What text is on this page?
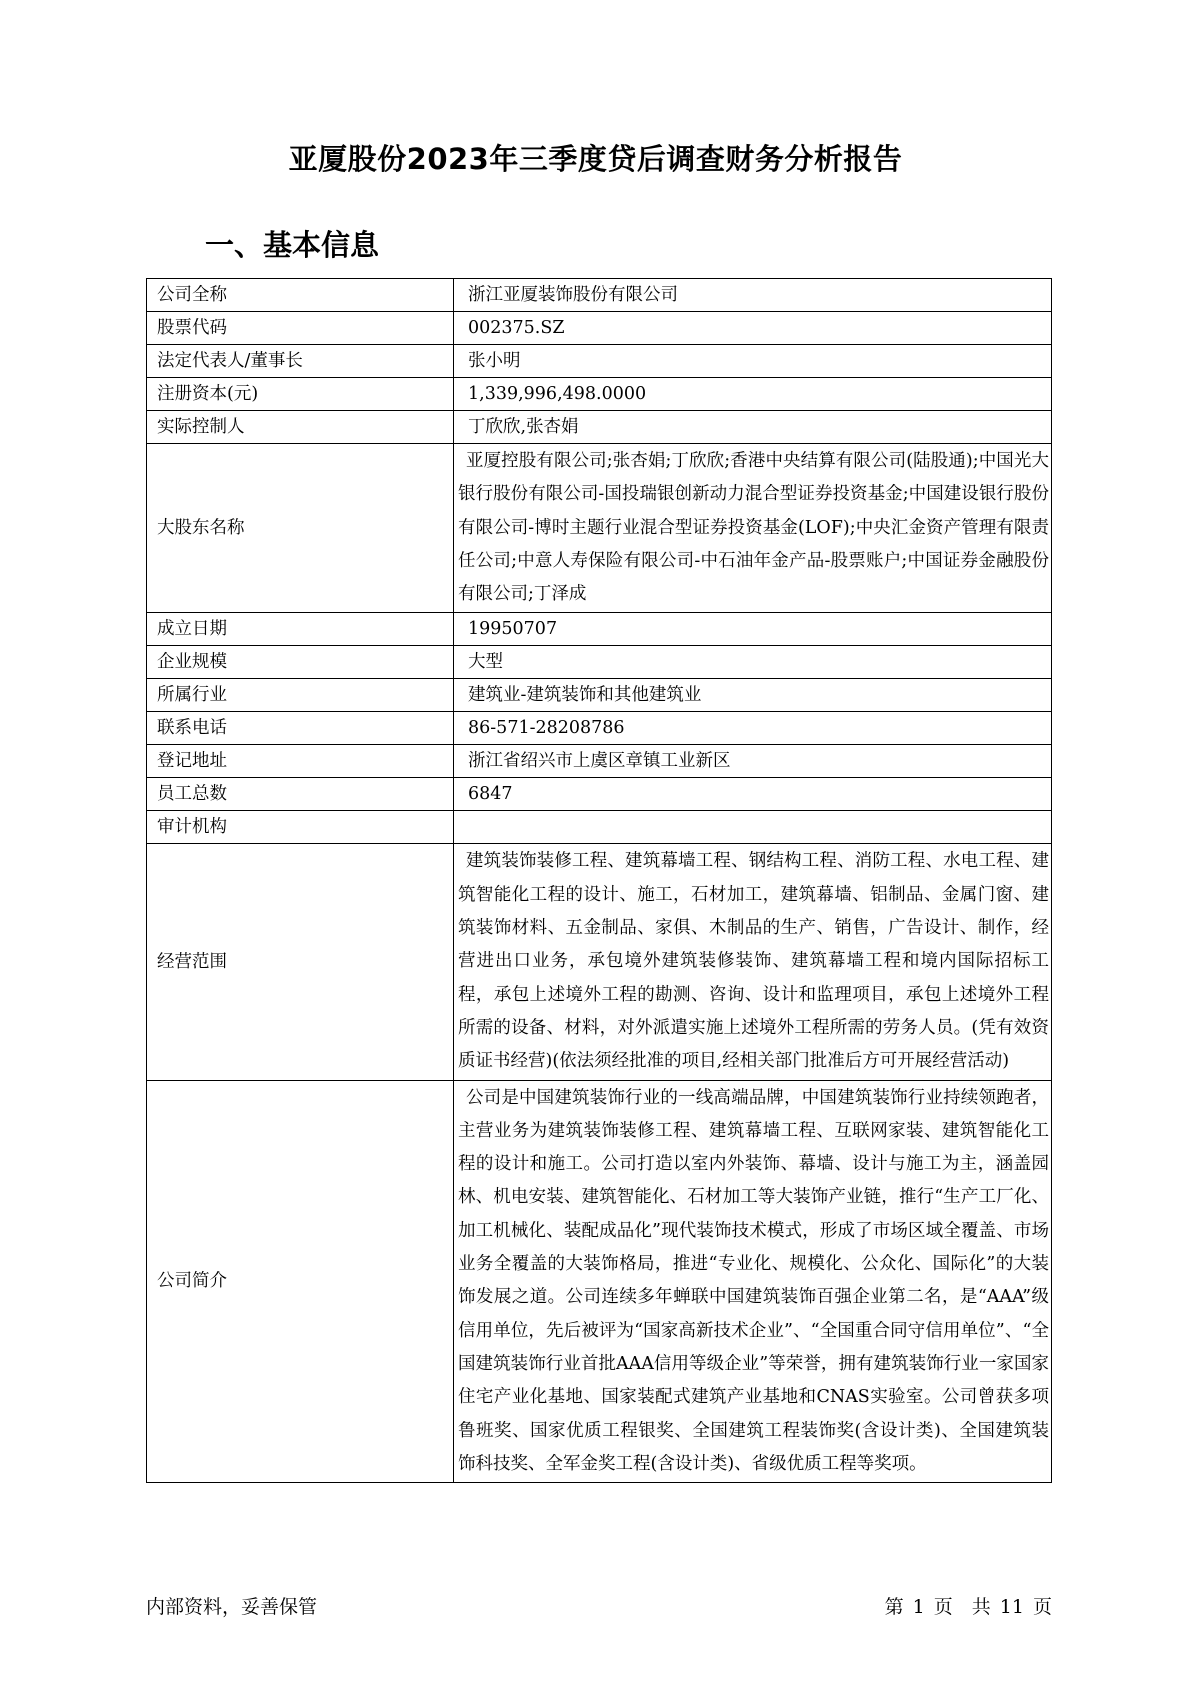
亚厦股份2023年三季度贷后调查财务分析报告
一、基本信息
公司全称	浙江亚厦装饰股份有限公司
股票代码	002375.SZ
法定代表人/董事长	张小明
注册资本(元)	1,339,996,498.0000
实际控制人	丁欣欣,张杏娟
大股东名称	亚厦控股有限公司;张杏娟;丁欣欣;香港中央结算有限公司(陆股通);中国光大银行股份有限公司-国投瑞银创新动力混合型证券投资基金;中国建设银行股份有限公司-博时主题行业混合型证券投资基金(LOF);中央汇金资产管理有限责任公司;中意人寿保险有限公司-中石油年金产品-股票账户;中国证券金融股份有限公司;丁泽成
成立日期	19950707
企业规模	大型
所属行业	建筑业-建筑装饰和其他建筑业
联系电话	86-571-28208786
登记地址	浙江省绍兴市上虞区章镇工业新区
员工总数	6847
审计机构	
经营范围	建筑装饰装修工程、建筑幕墙工程、钢结构工程、消防工程、水电工程、建筑智能化工程的设计、施工，石材加工，建筑幕墙、铝制品、金属门窗、建筑装饰材料、五金制品、家俱、木制品的生产、销售，广告设计、制作，经营进出口业务，承包境外建筑装修装饰、建筑幕墙工程和境内国际招标工程，承包上述境外工程的勘测、咨询、设计和监理项目，承包上述境外工程所需的设备、材料，对外派遣实施上述境外工程所需的劳务人员。(凭有效资质证书经营)(依法须经批准的项目,经相关部门批准后方可开展经营活动)
公司简介	公司是中国建筑装饰行业的一线高端品牌，中国建筑装饰行业持续领跑者，主营业务为建筑装饰装修工程、建筑幕墙工程、互联网家装、建筑智能化工程的设计和施工。公司打造以室内外装饰、幕墙、设计与施工为主，涵盖园林、机电安装、建筑智能化、石材加工等大装饰产业链，推行“生产工厂化、加工机械化、装配成品化”现代装饰技术模式，形成了市场区域全覆盖、市场业务全覆盖的大装饰格局，推进“专业化、规模化、公众化、国际化”的大装饰发展之道。公司连续多年蝉联中国建筑装饰百强企业第二名，是“AAA”级信用单位，先后被评为“国家高新技术企业”、“全国重合同守信用单位”、“全国建筑装饰行业首批AAA信用等级企业”等荣誉，拥有建筑装饰行业一家国家住宅产业化基地、国家装配式建筑产业基地和CNAS实验室。公司曾获多项鲁班奖、国家优质工程银奖、全国建筑工程装饰奖(含设计类)、全国建筑装饰科技奖、全军金奖工程(含设计类)、省级优质工程等奖项。
内部资料，妥善保管	第 1 页　共 11 页
